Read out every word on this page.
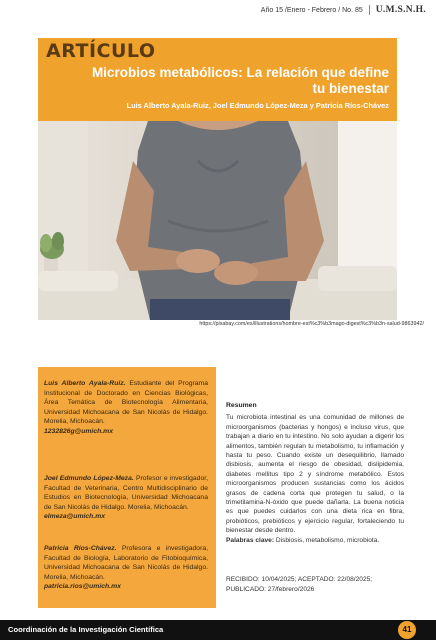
Año 15 /Enero - Febrero / No. 85 U.M.S.N.H.
ARTÍCULO
Microbios metabólicos: La relación que define tu bienestar
Luis Alberto Ayala-Ruiz, Joel Edmundo López-Meza y Patricia Ríos-Chávez
https://pixabay.com/es/illustrations/hombre-est%c3%b3mago-digest%c3%b3n-salud-9863942/
Luis Alberto Ayala-Ruiz. Estudiante del Programa Institucional de Doctorado en Ciencias Biológicas, Área Temática de Biotecnología Alimentaria, Universidad Michoacana de San Nicolás de Hidalgo. Morelia, Michoacán.
1232826g@umich.mx
Joel Edmundo López-Meza. Profesor e investigador, Facultad de Veterinaria, Centro Multidisciplinario de Estudios en Biotecnología, Universidad Michoacana de San Nicolás de Hidalgo. Morelia, Michoacán.
elmeza@umich.mx
Patricia Ríos-Chávez. Profesora e investigadora, Facultad de Biología, Laboratorio de Fitobioquímica, Universidad Michoacana de San Nicolás de Hidalgo. Morelia, Michoacán.
patricia.rios@umich.mx
Resumen
Tu microbiota intestinal es una comunidad de millones de microorganismos (bacterias y hongos) e incluso virus, que trabajan a diario en tu intestino. No solo ayudan a digerir los alimentos, también regulan tu metabolismo, tu inflamación y hasta tu peso. Cuando existe un desequilibrio, llamado disbiosis, aumenta el riesgo de obesidad, dislipidemia, diabetes mellitus tipo 2 y síndrome metabólico. Estos microorganismos producen sustancias como los ácidos grasos de cadena corta que protegen tu salud, o la trimetilamina-N-óxido que puede dañarla. La buena noticia es que puedes cuidarlos con una dieta rica en fibra, probióticos, prebióticos y ejercicio regular, fortaleciendo tu bienestar desde dentro.
Palabras clave: Disbiosis, metabolismo, microbiota.
RECIBIDO: 10/04/2025; ACEPTADO: 22/08/2025;
PUBLICADO: 27/febrero/2026
Coordinación de la Investigación Científica	41
